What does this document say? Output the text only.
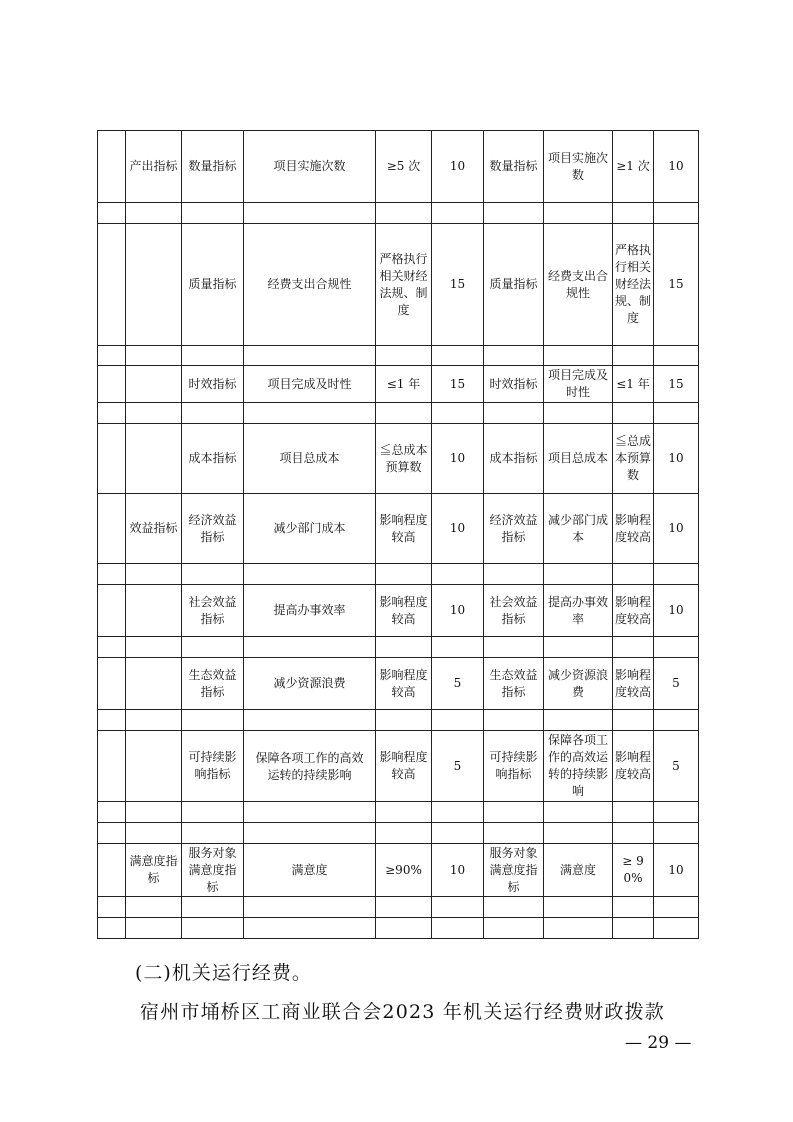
	产出指标	数量指标	项目实施次数	≥5 次	10	数量指标	项目实施次数	≥1 次	10

		质量指标	经费支出合规性	严格执行相关财经法规、制度	15	质量指标	经费支出合规性	严格执行相关财经法规、制度	15

		时效指标	项目完成及时性	≤1 年	15	时效指标	项目完成及时性	≤1 年	15

		成本指标	项目总成本	≦总成本预算数	10	成本指标	项目总成本	≦总成本预算数	10
	效益指标	经济效益指标	减少部门成本	影响程度较高	10	经济效益指标	减少部门成本	影响程度较高	10

		社会效益指标	提高办事效率	影响程度较高	10	社会效益指标	提高办事效率	影响程度较高	10

		生态效益指标	减少资源浪费	影响程度较高	5	生态效益指标	减少资源浪费	影响程度较高	5

		可持续影响指标	保障各项工作的高效运转的持续影响	影响程度较高	5	可持续影响指标	保障各项工作的高效运转的持续影响	影响程度较高	5

	满意度指标	服务对象满意度指标	满意度	≥90%	10	服务对象满意度指标	满意度	≥ 90%	10

(二)机关运行经费。

宿州市埇桥区工商业联合会2023 年机关运行经费财政拨款

— 29 —
